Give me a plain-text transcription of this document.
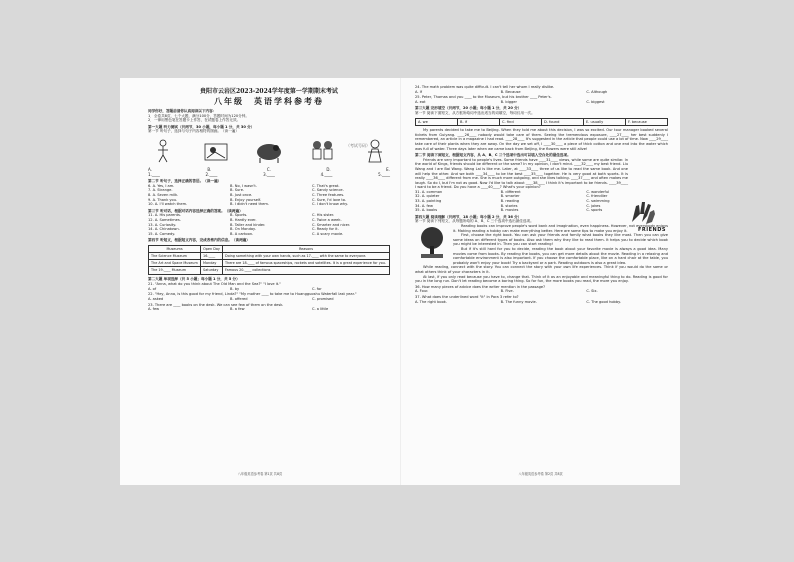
贵阳市云岩区2023-2024学年度第一学期期末考试
八年级　英语学科参考卷
（考试号码）
同学你好，答题前请你认真阅读以下内容：
1．全卷共8页，七个大题，满分100分，答题时间为120分钟。
2．一律用黑色笔在答题卡上作答，在试题卷上作答无效。
第一大题 听力测试（共两节，30 小题，每小题 1 分，共 30 分）
第一节 听句子，选择与句子内容相符的图画。（读一遍）
A.	B.	C.	D.	E.
1.____	2.____	3.____	4.____	5.____
第二节 听句子，选择正确的答语。（读一遍）
6. A. Yes, I am.	B. No, I wasn't.	C. That's great.
7. A. Strange.	B. Sure.	C. Sandy science.
8. A. Seven milk.	B. Just once.	C. Three features.
9. A. Thank you.	B. Enjoy yourself.	C. Sure, I'd love to.
10. A. I'll watch them.	B. I didn't need them.	C. I don't know why.
第三节 听对话，根据对话内容选择正确的答案。（读两遍）
11. A. His parents.	B. Sports.	C. His sister.
12. A. Sometimes.	B. Hardly ever.	C. Twice a week.
13. A. Curiosity.	B. Taller and kinder.	C. Smarter and nicer.
14. A. Chinatown.	B. On Monday.	C. Ready for it.
15. A. Comedy.	B. A cartoon.	C. A scary movie.
第四节 听短文，根据短文内容，完成表格内的信息。（读两遍）
Museums	Open Day	Reasons
The Science Museum	16.____	Doing something with your own hands, such as 17.____ with the same to everyone.
The Art and Space Museum	Monday	There are 18.____ of famous spaceships, rockets and satellites. It is a great experience for you.
The 19.____ Museum	Saturday	Famous 20.____ collections
第二大题 单项选择（共 5 小题；每小题 1 分，共 5 分）
21. "Anna, what do you think about The Old Man and the Sea?" "I love it."
A. of	B. by	C. for
22. "Hey, Anna, is this good for my friend, Linda?" "My mother ____ to take me to Huangguoshu Waterfall last year."
A. asked	B. offered	C. promised
23. There are ____ books on the desk. We can see few of them on the desk.
A. few	B. a few	C. a little
八年级英语参考卷 第1页 共8页
24. The math problem was quite difficult. I can't tell her whom I really dislike.
A. If	B. Because	C. Although
25. Peter, Thomas and you ____ to the Museum, but his brother ____ Peter's.
A. eat	B. bigger	C. biggest
第三大题 完形填空（共两节，20 小题；每小题 1 分，共 20 分）
第一节 阅读下面短文，从方框所给词中选出适当的词填空，每词仅用一次。
A. we	B. if	C. find	D. found	E. usually	F. because
My parents decided to take me to Beijing. When they told me about this decision, I was so excited. Our tour manager booked several tickets from Guiyang. ____26____ nobody would take care of them. Seeing the tremendous exposure, ____27____ her best suddenly I remembered, an article in a magazine I had read. ____28____ It's suggested in the article that people could use a lot of time. Now ____29____ take care of their plants when they are away. On the day we set off, I ____30____ a piece of thick cotton and one end into the water which was full of water. Three days later when we came back from Beijing, the flowers were still alive!
第二节 阅读下面短文，根据短文内容，从 A、B、C 三个选项中选出可以填入空白处的最佳选项。
Friends are very important to people's lives. Some friends have ____31____ views, while some are quite similar. In the world of Kings, friends should be different or the same? In my opinion, I don't mind. ____32____ my best friend. Liu Wang and I are Bai Wang. Wang Lai is like me. Later, at ____33____ three of us like to read the same book. And one will help the other. And we both ____34____ to be the best ____35____ together. He is very good at both sports. It is really ____36____ different from me. She is much more outgoing, and she likes talking. ____37____ and often makes me laugh. So do I, but I'm not as good. Now I'd like to talk about ____38____ I think it's important to be friends. ____39____ I want to be a friend. Do you have a ____40____? What's your opinion?
FRIENDS
31. A. common	B. different	C. wonderful
32. A. quieter	B. smarter	C. friendlier
33. A. pointing	B. reading	C. swimming
34. A. few	B. stories	C. jokes
35. A. books	B. movies	C. sports
第四大题 阅读理解（共两节，18 小题；每小题 2 分，共 36 分）
第一节 阅读下列短文，从每题所给的 A、B、C 三个选项中选出最佳选项。
Reading books can improve people's word bank and imagination, even happiness. However, not everybody enjoys it. Making reading a hobby can make everything better. Here are some tips to make you enjoy it.
First, choose the right book. You can ask your friends and family what books they like most. Then you can give some ideas on different types of books. Also ask them why they like to read them. It helps you to decide which book you might be interested in. Then you can start reading!
But if it's still hard for you to decide, reading the book about your favorite movie is always a good idea. Many movies come from books. By reading the books, you can get more details about the movie. Reading in a relaxing and comfortable environment is also important. If you choose the comfortable place, like on a hard chair at the table, you probably won't enjoy your book! Try a backyard or a park. Reading outdoors is also a great idea.
While reading, connect with the story. You can connect the story with your own life experiences. Think if you would do the same or what others think of your characters in it.
At last, if you only read because you have to, change that. Think of it as an enjoyable and meaningful thing to do. Reading is good for you in the long run. Don't let reading become a boring thing. So for fun, the more books you read, the more you enjoy.
36. How many pieces of advice does the writer mention in the passage?
A. Four.	B. Five.	C. Six.
37. What does the underlined word "it" in Para 3 refer to?
A. The right book.	B. The funny movie.	C. The good hobby.
八年级英语参考卷 第2页 共8页
